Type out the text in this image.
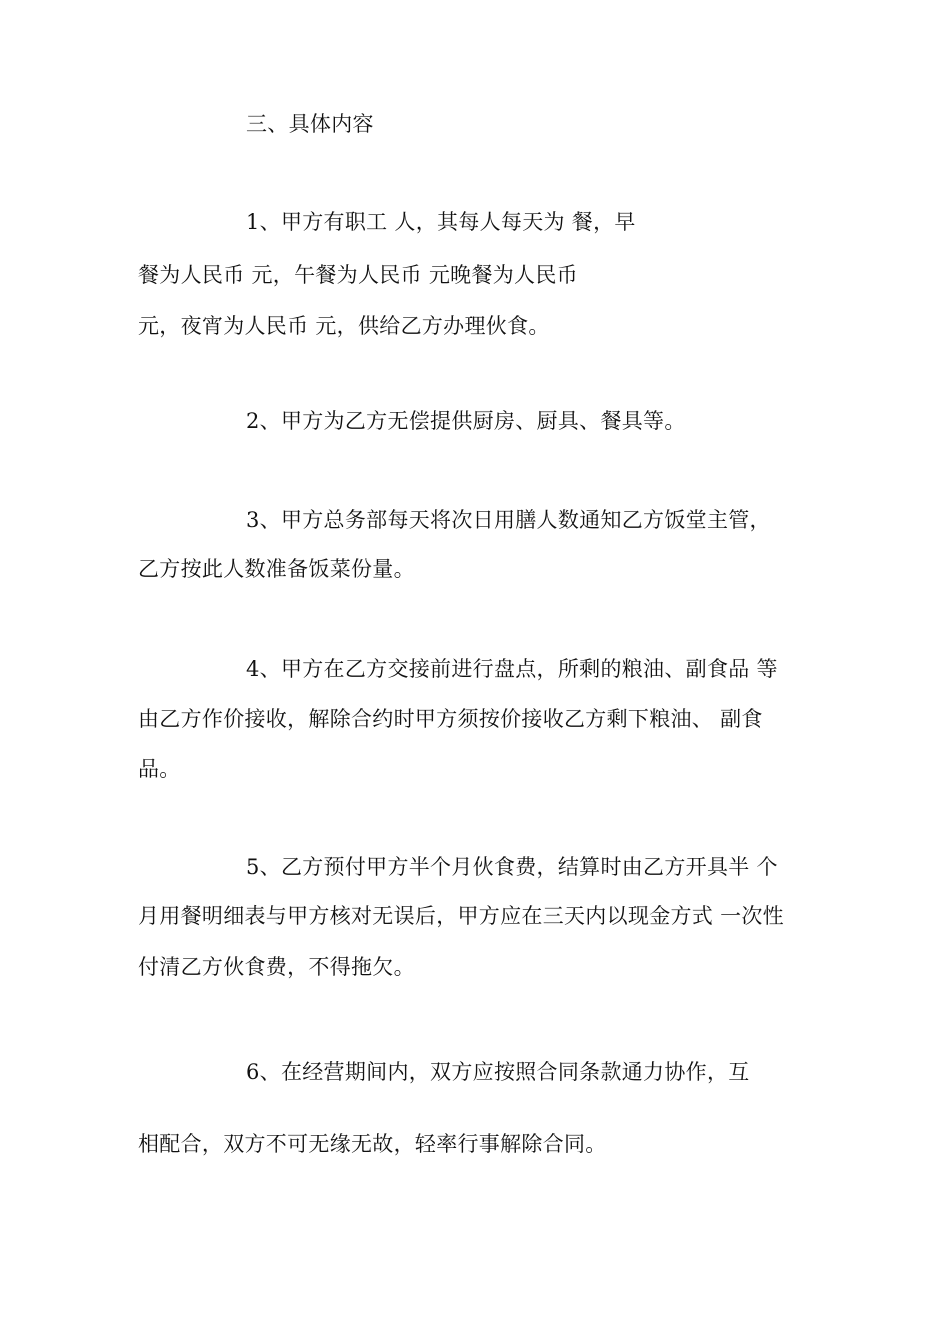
三、具体内容
1、甲方有职工 人，其每人每天为 餐，早
餐为人民币 元，午餐为人民币 元晚餐为人民币
元，夜宵为人民币 元，供给乙方办理伙食。
2、甲方为乙方无偿提供厨房、厨具、餐具等。
3、甲方总务部每天将次日用膳人数通知乙方饭堂主管，
乙方按此人数准备饭菜份量。
4、甲方在乙方交接前进行盘点，所剩的粮油、副食品 等
由乙方作价接收，解除合约时甲方须按价接收乙方剩下粮油、 副食
品。
5、乙方预付甲方半个月伙食费，结算时由乙方开具半 个
月用餐明细表与甲方核对无误后，甲方应在三天内以现金方式 一次性
付清乙方伙食费，不得拖欠。
6、在经营期间内，双方应按照合同条款通力协作，互
相配合，双方不可无缘无故，轻率行事解除合同。
